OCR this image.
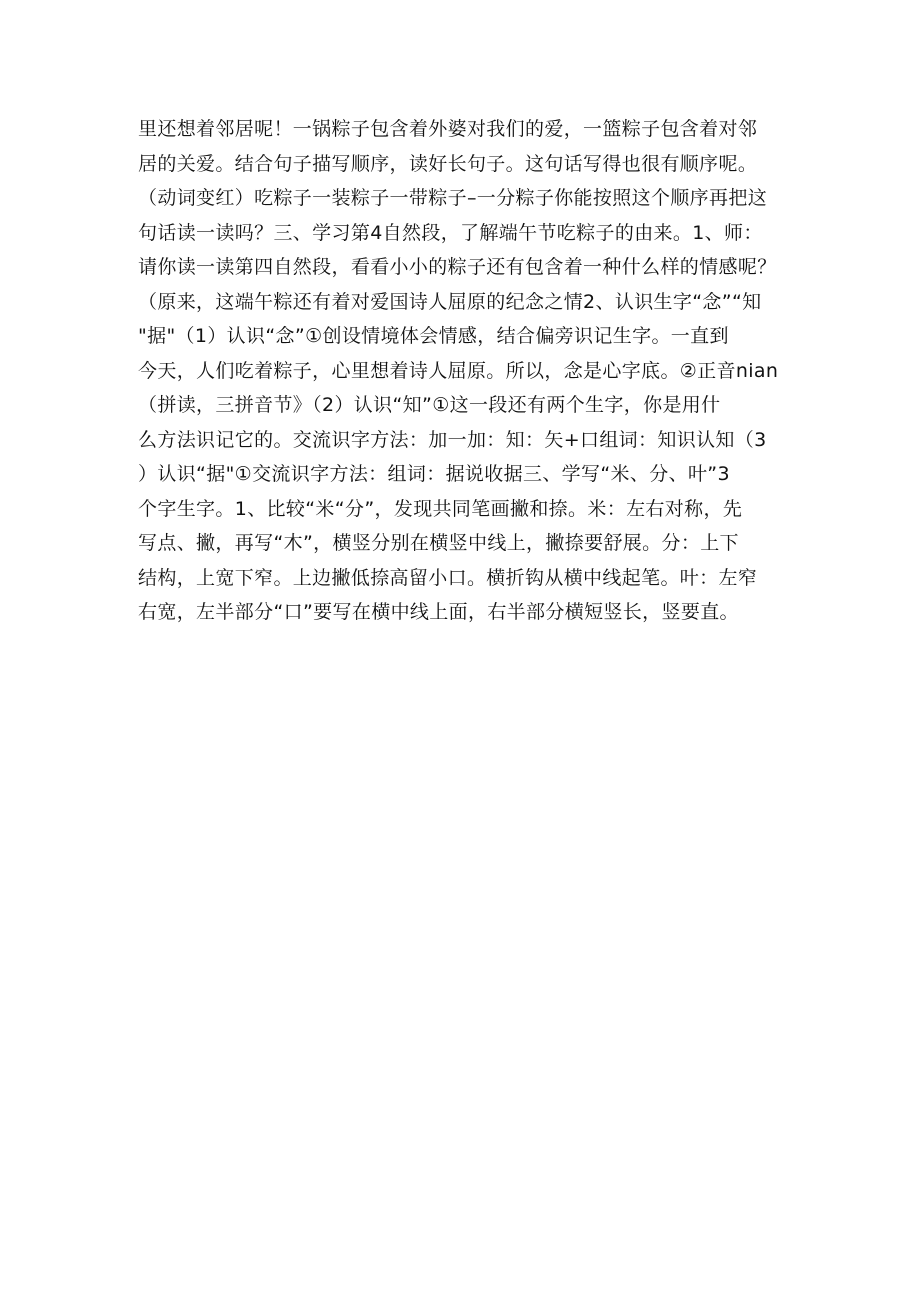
里还想着邻居呢！一锅粽子包含着外婆对我们的爱，一篮粽子包含着对邻
居的关爱。结合句子描写顺序，读好长句子。这句话写得也很有顺序呢。
（动词变红）吃粽子一装粽子一带粽子–一分粽子你能按照这个顺序再把这
句话读一读吗？三、学习第4自然段，了解端午节吃粽子的由来。1、师：
请你读一读第四自然段，看看小小的粽子还有包含着一种什么样的情感呢？
（原来，这端午粽还有着对爱国诗人屈原的纪念之情2、认识生字“念”“知
"据"（1）认识“念”①创设情境体会情感，结合偏旁识记生字。一直到
今天，人们吃着粽子，心里想着诗人屈原。所以，念是心字底。②正音nian
（拼读，三拼音节》（2）认识“知”①这一段还有两个生字，你是用什
么方法识记它的。交流识字方法：加一加：知：矢+口组词：知识认知（3
）认识“据"①交流识字方法：组词：据说收据三、学写“米、分、叶”3
个字生字。1、比较“米“分”，发现共同笔画撇和捺。米：左右对称，先
写点、撇，再写“木”，横竖分别在横竖中线上，撇捺要舒展。分：上下
结构，上宽下窄。上边撇低捺高留小口。横折钩从横中线起笔。叶：左窄
右宽，左半部分“口”要写在横中线上面，右半部分横短竖长，竖要直。
